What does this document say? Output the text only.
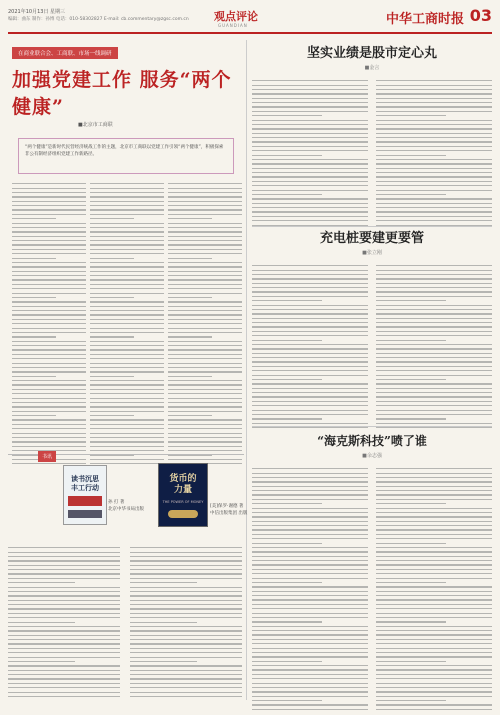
2021年10月13日 星期三
编辑：曲东 制作：孙博 电话：010-58302827 E-mail: cb.commentary@zgsc.com.cn 观点评论
GUANDIAN	中华工商时报 03
在商业联合会、工商联、市场一线调研
加强党建工作 服务“两个健康”
■北京市工商联
“两个健康”是新时代民营经济统战工作的主题，北京市工商联以党建工作引领“两个健康”，积极探索非公有制经济组织党建工作新路径。
书讯
读书沉思
丰工行动
孙 打 著
北京中华书局出版
货币的
力量
THE POWER OF MONEY
[美]保罗·谢德 著
中信出版集团 出版
坚实业绩是股市定心丸
■金言
充电桩要建更要管
■张立刚
“海克斯科技”喷了谁
■余志强
